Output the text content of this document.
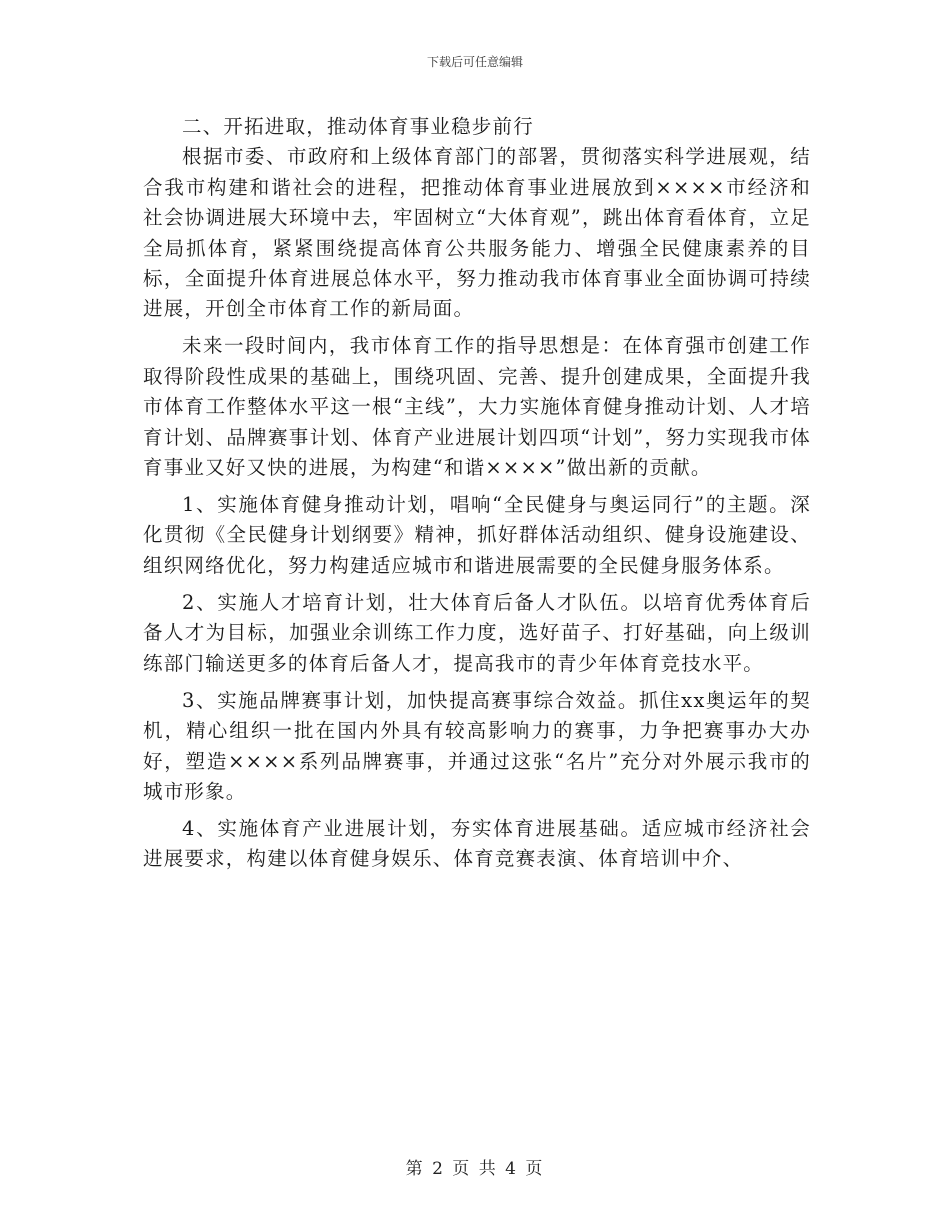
下载后可任意编辑

二、开拓进取，推动体育事业稳步前行

根据市委、市政府和上级体育部门的部署，贯彻落实科学进展观，结合我市构建和谐社会的进程，把推动体育事业进展放到××××市经济和社会协调进展大环境中去，牢固树立“大体育观”，跳出体育看体育，立足全局抓体育，紧紧围绕提高体育公共服务能力、增强全民健康素养的目标，全面提升体育进展总体水平，努力推动我市体育事业全面协调可持续进展，开创全市体育工作的新局面。

未来一段时间内，我市体育工作的指导思想是：在体育强市创建工作取得阶段性成果的基础上，围绕巩固、完善、提升创建成果，全面提升我市体育工作整体水平这一根“主线”，大力实施体育健身推动计划、人才培育计划、品牌赛事计划、体育产业进展计划四项“计划”，努力实现我市体育事业又好又快的进展，为构建“和谐××××”做出新的贡献。

1、实施体育健身推动计划，唱响“全民健身与奥运同行”的主题。深化贯彻《全民健身计划纲要》精神，抓好群体活动组织、健身设施建设、组织网络优化，努力构建适应城市和谐进展需要的全民健身服务体系。

2、实施人才培育计划，壮大体育后备人才队伍。以培育优秀体育后备人才为目标，加强业余训练工作力度，选好苗子、打好基础，向上级训练部门输送更多的体育后备人才，提高我市的青少年体育竞技水平。

3、实施品牌赛事计划，加快提高赛事综合效益。抓住xx奥运年的契机，精心组织一批在国内外具有较高影响力的赛事，力争把赛事办大办好，塑造××××系列品牌赛事，并通过这张“名片”充分对外展示我市的城市形象。

4、实施体育产业进展计划，夯实体育进展基础。适应城市经济社会进展要求，构建以体育健身娱乐、体育竞赛表演、体育培训中介、

第 2 页 共 4 页
